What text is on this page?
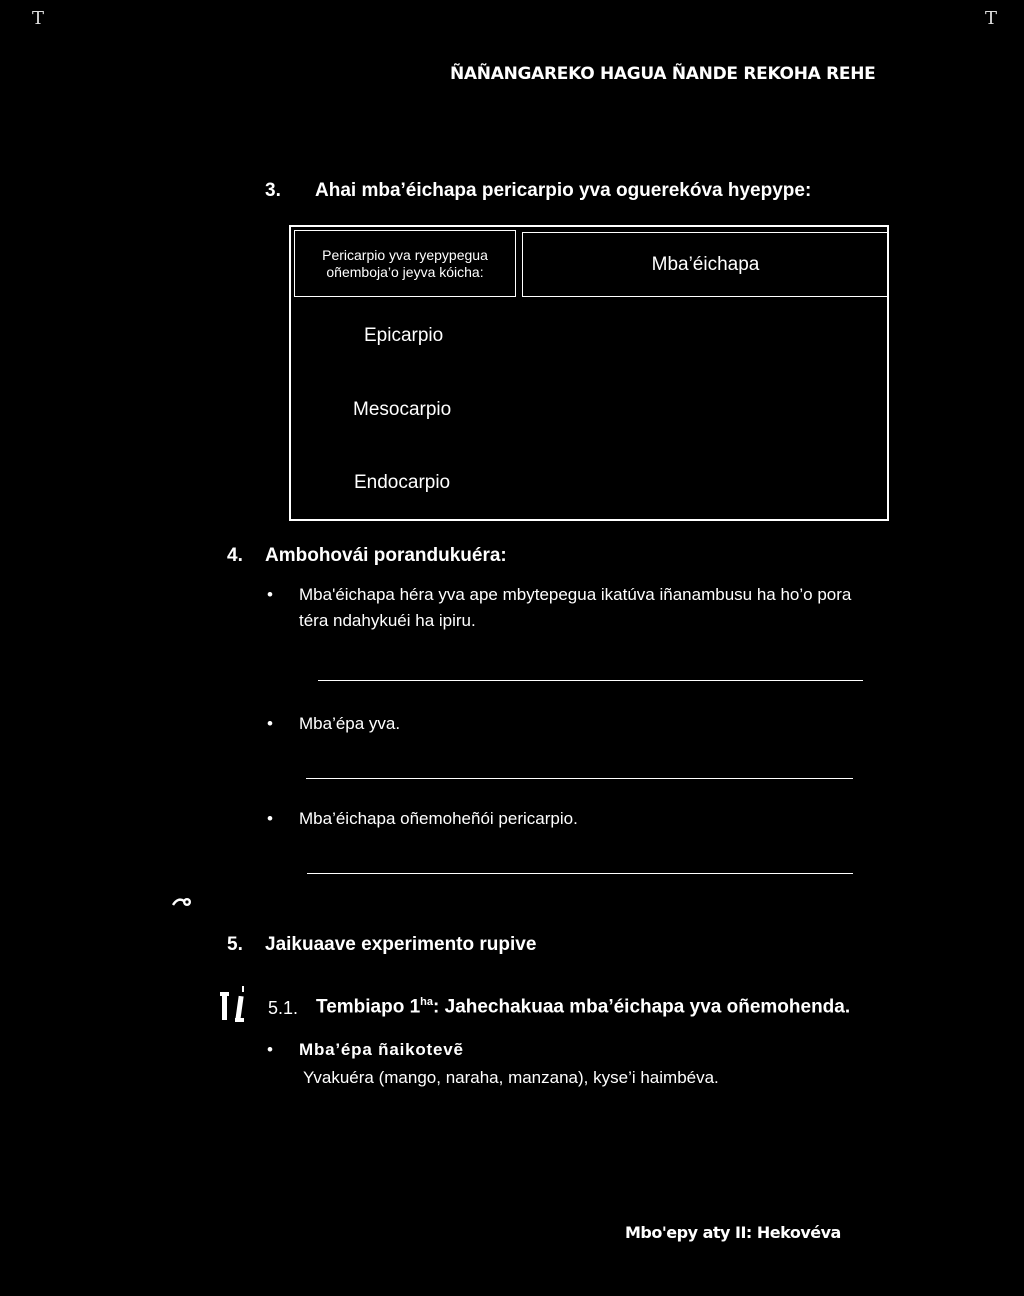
T	T
ÑAÑANGAREKO HAGUA ÑANDE REKOHA REHE
3. Ahai mba’éichapa pericarpio yva oguerekóva hyepype:
Pericarpio yva ryepypegua oñemboja’o jeyva kóicha:	Mba’éichapa
Epicarpio
Mesocarpio
Endocarpio
4. Ambohovái porandukuéra:
• Mba'éichapa héra yva ape mbytepegua ikatúva iñanambusu ha ho’o pora téra ndahykuéi ha ipiru.
• Mba’épa yva.
• Mba’éichapa oñemoheñói pericarpio.
5. Jaikuaave experimento rupive
5.1. Tembiapo $1^{ha}$: Jahechakuaa mba’éichapa yva oñemohenda.
• Mba’épa ñaikotevẽ
Yvakuéra (mango, naraha, manzana), kyse’i haimbéva.
Mbo'epy aty II: Hekovéva
